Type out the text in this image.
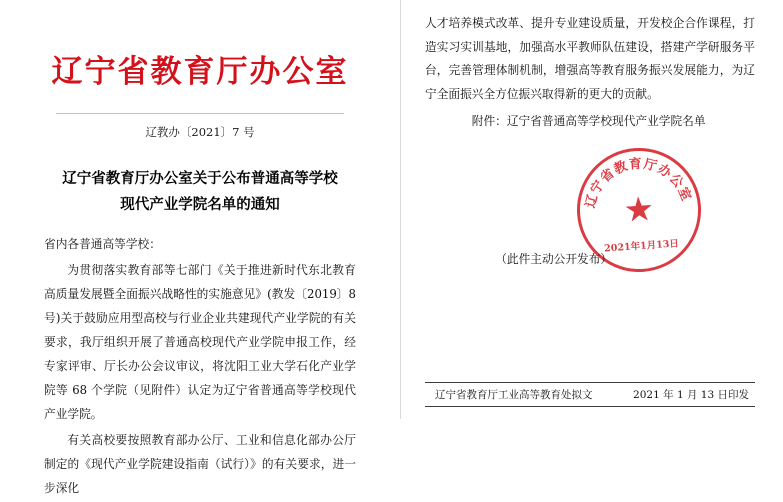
辽宁省教育厅办公室
辽教办〔2021〕7 号
辽宁省教育厅办公室关于公布普通高等学校
现代产业学院名单的通知

省内各普通高等学校：

为贯彻落实教育部等七部门《关于推进新时代东北教育高质量发展暨全面振兴战略性的实施意见》(教发〔2019〕8 号)关于鼓励应用型高校与行业企业共建现代产业学院的有关要求，我厅组织开展了普通高校现代产业学院申报工作，经专家评审、厅长办公会议审议，将沈阳工业大学石化产业学院等 68 个学院（见附件）认定为辽宁省普通高等学校现代产业学院。

有关高校要按照教育部办公厅、工业和信息化部办公厅制定的《现代产业学院建设指南（试行）》的有关要求，进一步深化

人才培养模式改革、提升专业建设质量，开发校企合作课程，打造实习实训基地，加强高水平教师队伍建设，搭建产学研服务平台，完善管理体制机制，增强高等教育服务振兴发展能力，为辽宁全面振兴全方位振兴取得新的更大的贡献。

附件：辽宁省普通高等学校现代产业学院名单
辽宁省教育厅办公室
★
2021年1月13日
（此件主动公开发布）
辽宁省教育厅工业高等教育处拟文	2021 年 1 月 13 日印发
